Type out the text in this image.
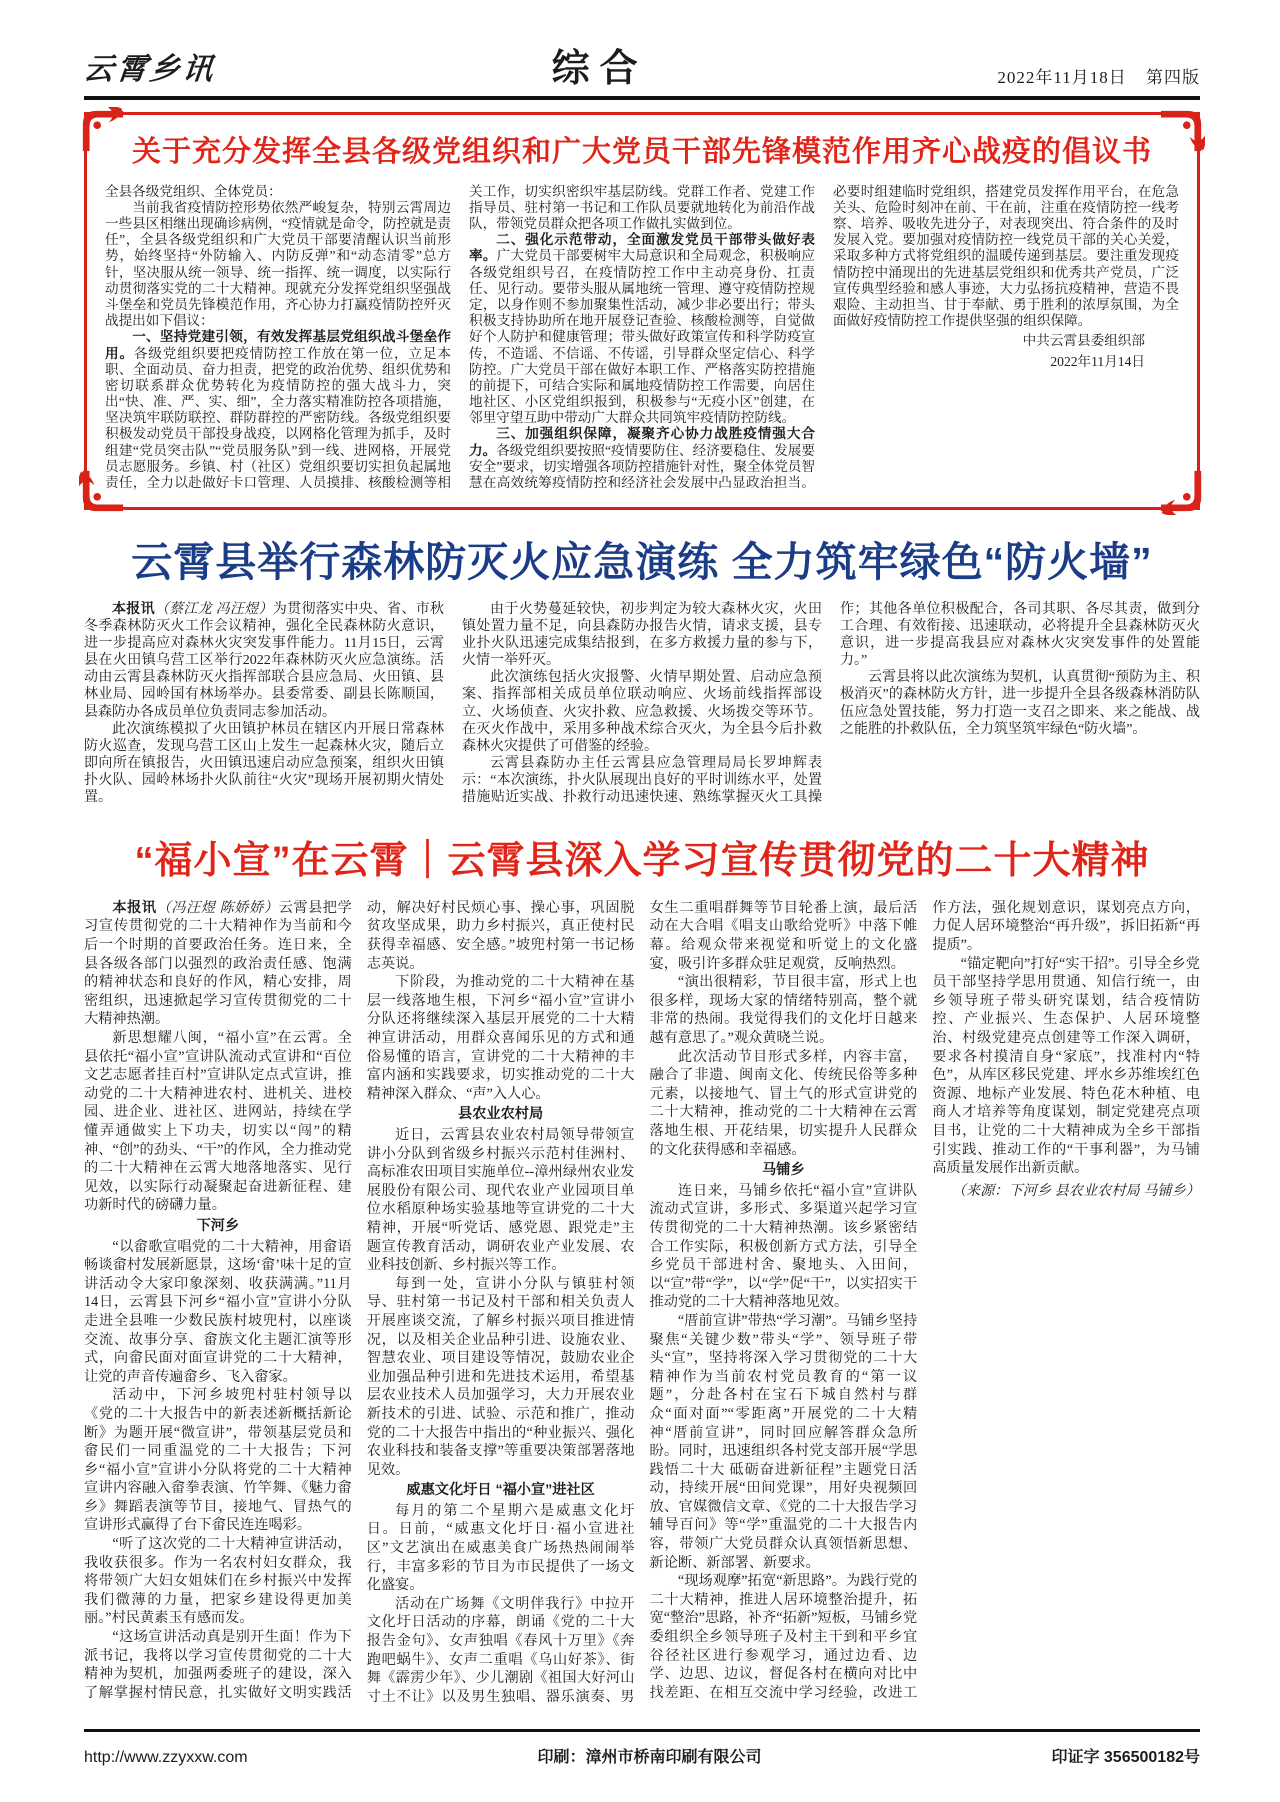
云霄乡讯	综合	2022年11月18日 第四版
关于充分发挥全县各级党组织和广大党员干部先锋模范作用齐心战疫的倡议书

全县各级党组织、全体党员：

当前我省疫情防控形势依然严峻复杂，特别云霄周边一些县区相继出现确诊病例，“疫情就是命令，防控就是责任”，全县各级党组织和广大党员干部要清醒认识当前形势，始终坚持“外防输入、内防反弹”和“动态清零”总方针，坚决服从统一领导、统一指挥、统一调度，以实际行动贯彻落实党的二十大精神。现就充分发挥党组织坚强战斗堡垒和党员先锋模范作用，齐心协力打赢疫情防控歼灭战提出如下倡议：

一、坚持党建引领，有效发挥基层党组织战斗堡垒作用。各级党组织要把疫情防控工作放在第一位，立足本职、全面动员、奋力担责，把党的政治优势、组织优势和密切联系群众优势转化为疫情防控的强大战斗力，突出“快、准、严、实、细”，全力落实精准防控各项措施，坚决筑牢联防联控、群防群控的严密防线。各级党组织要积极发动党员干部投身战疫，以网格化管理为抓手，及时组建“党员突击队”“党员服务队”到一线、进网格，开展党员志愿服务。乡镇、村（社区）党组织要切实担负起属地责任，全力以赴做好卡口管理、人员摸排、核酸检测等相关工作，切实织密织牢基层防线。党群工作者、党建工作指导员、驻村第一书记和工作队员要就地转化为前沿作战队，带领党员群众把各项工作做扎实做到位。

二、强化示范带动，全面激发党员干部带头做好表率。广大党员干部要树牢大局意识和全局观念，积极响应各级党组织号召，在疫情防控工作中主动亮身份、扛责任、见行动。要带头服从属地统一管理、遵守疫情防控规定，以身作则不参加聚集性活动，减少非必要出行；带头积极支持协助所在地开展登记查验、核酸检测等，自觉做好个人防护和健康管理；带头做好政策宣传和科学防疫宣传，不造谣、不信谣、不传谣，引导群众坚定信心、科学防控。广大党员干部在做好本职工作、严格落实防控措施的前提下，可结合实际和属地疫情防控工作需要，向居住地社区、小区党组织报到，积极参与“无疫小区”创建，在邻里守望互助中带动广大群众共同筑牢疫情防控防线。

三、加强组织保障，凝聚齐心协力战胜疫情强大合力。各级党组织要按照“疫情要防住、经济要稳住、发展要安全”要求，切实增强各项防控措施针对性，聚全体党员智慧在高效统筹疫情防控和经济社会发展中凸显政治担当。必要时组建临时党组织，搭建党员发挥作用平台，在危急关头、危险时刻冲在前、干在前，注重在疫情防控一线考察、培养、吸收先进分子，对表现突出、符合条件的及时发展入党。要加强对疫情防控一线党员干部的关心关爱，采取多种方式将党组织的温暖传递到基层。要注重发现疫情防控中涌现出的先进基层党组织和优秀共产党员，广泛宣传典型经验和感人事迹，大力弘扬抗疫精神，营造不畏艰险、主动担当、甘于奉献、勇于胜利的浓厚氛围，为全面做好疫情防控工作提供坚强的组织保障。

中共云霄县委组织部

2022年11月14日

云霄县举行森林防灭火应急演练 全力筑牢绿色“防火墙”

本报讯（蔡江龙 冯汪煜）为贯彻落实中央、省、市秋冬季森林防灭火工作会议精神，强化全民森林防火意识，进一步提高应对森林火灾突发事件能力。11月15日，云霄县在火田镇乌营工区举行2022年森林防灭火应急演练。活动由云霄县森林防灭火指挥部联合县应急局、火田镇、县林业局、园岭国有林场举办。县委常委、副县长陈顺国，县森防办各成员单位负责同志参加活动。

此次演练模拟了火田镇护林员在辖区内开展日常森林防火巡查，发现乌营工区山上发生一起森林火灾，随后立即向所在镇报告，火田镇迅速启动应急预案，组织火田镇扑火队、园岭林场扑火队前往“火灾”现场开展初期火情处置。

由于火势蔓延较快，初步判定为较大森林火灾，火田镇处置力量不足，向县森防办报告火情，请求支援，县专业扑火队迅速完成集结报到，在多方救援力量的参与下，火情一举歼灭。

此次演练包括火灾报警、火情早期处置、启动应急预案、指挥部相关成员单位联动响应、火场前线指挥部设立、火场侦查、火灾扑救、应急救援、火场拨交等环节。在灭火作战中，采用多种战术综合灭火，为全县今后扑救森林火灾提供了可借鉴的经验。

云霄县森防办主任云霄县应急管理局局长罗坤辉表示：“本次演练，扑火队展现出良好的平时训练水平，处置措施贴近实战、扑救行动迅速快速、熟练掌握灭火工具操作；其他各单位积极配合，各司其职、各尽其责，做到分工合理、有效衔接、迅速联动，必将提升全县森林防灭火意识，进一步提高我县应对森林火灾突发事件的处置能力。”

云霄县将以此次演练为契机，认真贯彻“预防为主、积极消灭”的森林防火方针，进一步提升全县各级森林消防队伍应急处置技能，努力打造一支召之即来、来之能战、战之能胜的扑救队伍，全力筑坚筑牢绿色“防火墙”。

“福小宣”在云霄｜云霄县深入学习宣传贯彻党的二十大精神

本报讯（冯汪煜 陈娇娇）云霄县把学习宣传贯彻党的二十大精神作为当前和今后一个时期的首要政治任务。连日来，全县各级各部门以强烈的政治责任感、饱满的精神状态和良好的作风，精心安排，周密组织，迅速掀起学习宣传贯彻党的二十大精神热潮。

新思想耀八闽，“福小宣”在云霄。全县依托“福小宣”宣讲队流动式宣讲和“百位文艺志愿者挂百村”宣讲队定点式宣讲，推动党的二十大精神进农村、进机关、进校园、进企业、进社区、进网站，持续在学懂弄通做实上下功夫，切实以“闯”的精神、“创”的劲头、“干”的作风，全力推动党的二十大精神在云霄大地落地落实、见行见效，以实际行动凝聚起奋进新征程、建功新时代的磅礴力量。

下河乡

“以畲歌宣唱党的二十大精神，用畲语畅谈畲村发展新愿景，这场‘畲’味十足的宣讲活动令大家印象深刻、收获满满。”11月14日，云霄县下河乡“福小宣”宣讲小分队走进全县唯一少数民族村坡兜村，以座谈交流、故事分享、畲族文化主题汇演等形式，向畲民面对面宣讲党的二十大精神，让党的声音传遍畲乡、飞入畲家。

活动中，下河乡坡兜村驻村领导以《党的二十大报告中的新表述新概括新论断》为题开展“微宣讲”，带领基层党员和畲民们一同重温党的二十大报告；下河乡“福小宣”宣讲小分队将党的二十大精神宣讲内容融入畲拳表演、竹竿舞、《魅力畲乡》舞蹈表演等节目，接地气、冒热气的宣讲形式赢得了台下畲民连连喝彩。

“听了这次党的二十大精神宣讲活动，我收获很多。作为一名农村妇女群众，我将带领广大妇女姐妹们在乡村振兴中发挥我们微薄的力量，把家乡建设得更加美丽。”村民黄素玉有感而发。

“这场宣讲活动真是别开生面！作为下派书记，我将以学习宣传贯彻党的二十大精神为契机，加强两委班子的建设，深入了解掌握村情民意，扎实做好文明实践活动，解决好村民烦心事、操心事，巩固脱贫攻坚成果，助力乡村振兴，真正使村民获得幸福感、安全感。”坡兜村第一书记杨志英说。

下阶段，为推动党的二十大精神在基层一线落地生根，下河乡“福小宣”宣讲小分队还将继续深入基层开展党的二十大精神宣讲活动，用群众喜闻乐见的方式和通俗易懂的语言，宣讲党的二十大精神的丰富内涵和实践要求，切实推动党的二十大精神深入群众、“声”入人心。

县农业农村局

近日，云霄县农业农村局领导带领宣讲小分队到省级乡村振兴示范村佳洲村、高标准农田项目实施单位--漳州绿州农业发展股份有限公司、现代农业产业园项目单位水稻原种场实验基地等宣讲党的二十大精神，开展“听党话、感党恩、跟党走”主题宣传教育活动，调研农业产业发展、农业科技创新、乡村振兴等工作。

每到一处，宣讲小分队与镇驻村领导、驻村第一书记及村干部和相关负责人开展座谈交流，了解乡村振兴项目推进情况，以及相关企业品种引进、设施农业、智慧农业、项目建设等情况，鼓励农业企业加强品种引进和先进技术运用，希望基层农业技术人员加强学习，大力开展农业新技术的引进、试验、示范和推广，推动党的二十大报告中指出的“种业振兴、强化农业科技和装备支撑”等重要决策部署落地见效。

威惠文化圩日 “福小宣”进社区

每月的第二个星期六是威惠文化圩日。日前，“威惠文化圩日·福小宣进社区”文艺演出在威惠美食广场热热闹闹举行，丰富多彩的节目为市民提供了一场文化盛宴。

活动在广场舞《文明伴我行》中拉开文化圩日活动的序幕，朗诵《党的二十大报告金句》、女声独唱《春风十万里》《奔跑吧蜗牛》、女声二重唱《乌山好茶》、街舞《霹雳少年》、少儿潮剧《祖国大好河山寸土不让》以及男生独唱、器乐演奏、男女生二重唱群舞等节目轮番上演，最后活动在大合唱《唱支山歌给党听》中落下帷幕。给观众带来视觉和听觉上的文化盛宴，吸引许多群众驻足观赏，反响热烈。

“演出很精彩，节目很丰富，形式上也很多样，现场大家的情绪特别高，整个就非常的热闹。我觉得我们的文化圩日越来越有意思了。”观众黄晓兰说。

此次活动节目形式多样，内容丰富，融合了非遗、闽南文化、传统民俗等多种元素，以接地气、冒土气的形式宣讲党的二十大精神，推动党的二十大精神在云霄落地生根、开花结果，切实提升人民群众的文化获得感和幸福感。

马铺乡

连日来，马铺乡依托“福小宣”宣讲队流动式宣讲，多形式、多渠道兴起学习宣传贯彻党的二十大精神热潮。该乡紧密结合工作实际，积极创新方式方法，引导全乡党员干部进村舍、聚地头、入田间，以“宣”带“学”，以“学”促“干”，以实招实干推动党的二十大精神落地见效。

“厝前宣讲”带热“学习潮”。马铺乡坚持聚焦“关键少数”带头“学”、领导班子带头“宣”，坚持将深入学习贯彻党的二十大精神作为当前农村党员教育的“第一议题”，分赴各村在宝石下城自然村与群众“面对面”“零距离”开展党的二十大精神“厝前宣讲”，同时回应解答群众急所盼。同时，迅速组织各村党支部开展“学思践悟二十大 砥砺奋进新征程”主题党日活动，持续开展“田间党课”，用好央视频回放、官媒微信文章、《党的二十大报告学习辅导百问》等“学”重温党的二十大报告内容，带领广大党员群众认真领悟新思想、新论断、新部署、新要求。

“现场观摩”拓宽“新思路”。为践行党的二十大精神，推进人居环境整治提升，拓宽“整治”思路，补齐“拓新”短板，马铺乡党委组织全乡领导班子及村主干到和平乡宜谷径社区进行参观学习，通过边看、边学、边思、边议，督促各村在横向对比中找差距、在相互交流中学习经验，改进工作方法，强化规划意识，谋划亮点方向，力促人居环境整治“再升级”，拆旧拓新“再提质”。

“锚定靶向”打好“实干招”。引导全乡党员干部坚持学思用贯通、知信行统一，由乡领导班子带头研究谋划，结合疫情防控、产业振兴、生态保护、人居环境整治、村级党建亮点创建等工作深入调研，要求各村摸清自身“家底”，找准村内“特色”，从库区移民党建、坪水乡苏维埃红色资源、地标产业发展、特色花木种植、电商人才培养等角度谋划，制定党建亮点项目书，让党的二十大精神成为全乡干部指引实践、推动工作的“干事利器”，为马铺高质量发展作出新贡献。

（来源：下河乡 县农业农村局 马铺乡）

http://www.zzyxxw.com	印刷：漳州市桥南印刷有限公司	印证字 356500182号
